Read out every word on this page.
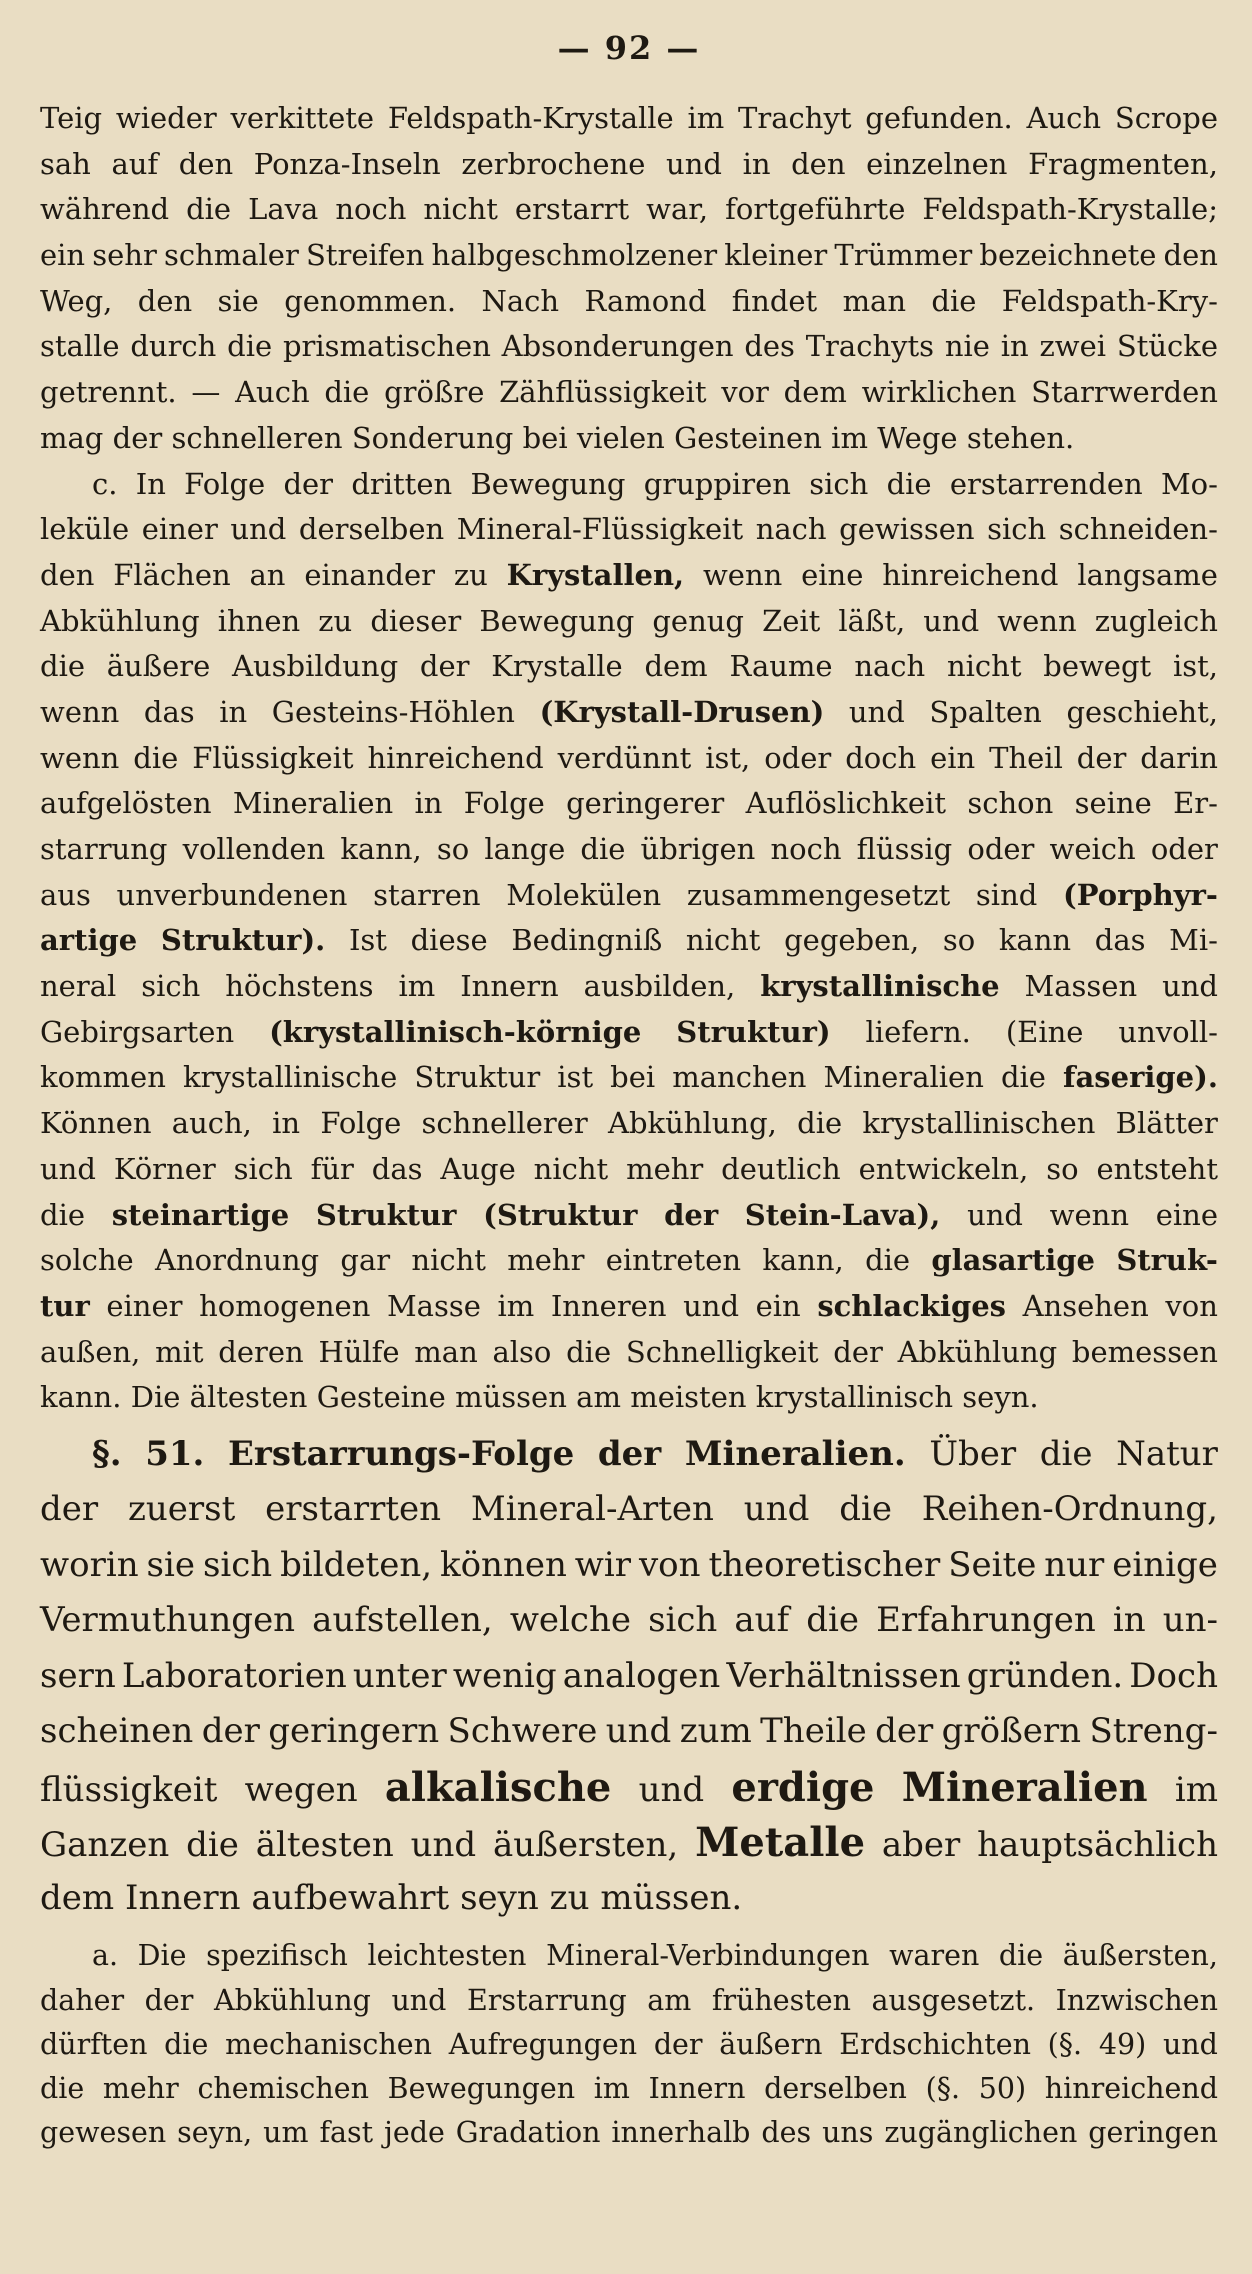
— 92 —
Teig wieder verkittete Feldspath-Krystalle im Trachyt gefunden. Auch Scrope
sah auf den Ponza-Inseln zerbrochene und in den einzelnen Fragmenten,
während die Lava noch nicht erstarrt war, fortgeführte Feldspath-Krystalle;
ein sehr schmaler Streifen halbgeschmolzener kleiner Trümmer bezeichnete den
Weg, den sie genommen. Nach Ramond findet man die Feldspath-Kry-
stalle durch die prismatischen Absonderungen des Trachyts nie in zwei Stücke
getrennt. — Auch die größre Zähflüssigkeit vor dem wirklichen Starrwerden
mag der schnelleren Sonderung bei vielen Gesteinen im Wege stehen.
c. In Folge der dritten Bewegung gruppiren sich die erstarrenden Mo-
leküle einer und derselben Mineral-Flüssigkeit nach gewissen sich schneiden-
den Flächen an einander zu Krystallen, wenn eine hinreichend langsame
Abkühlung ihnen zu dieser Bewegung genug Zeit läßt, und wenn zugleich
die äußere Ausbildung der Krystalle dem Raume nach nicht bewegt ist,
wenn das in Gesteins-Höhlen (Krystall-Drusen) und Spalten geschieht,
wenn die Flüssigkeit hinreichend verdünnt ist, oder doch ein Theil der darin
aufgelösten Mineralien in Folge geringerer Auflöslichkeit schon seine Er-
starrung vollenden kann, so lange die übrigen noch flüssig oder weich oder
aus unverbundenen starren Molekülen zusammengesetzt sind (Porphyr-
artige Struktur). Ist diese Bedingniß nicht gegeben, so kann das Mi-
neral sich höchstens im Innern ausbilden, krystallinische Massen und
Gebirgsarten (krystallinisch-körnige Struktur) liefern. (Eine unvoll-
kommen krystallinische Struktur ist bei manchen Mineralien die faserige).
Können auch, in Folge schnellerer Abkühlung, die krystallinischen Blätter
und Körner sich für das Auge nicht mehr deutlich entwickeln, so entsteht
die steinartige Struktur (Struktur der Stein-Lava), und wenn eine
solche Anordnung gar nicht mehr eintreten kann, die glasartige Struk-
tur einer homogenen Masse im Inneren und ein schlackiges Ansehen von
außen, mit deren Hülfe man also die Schnelligkeit der Abkühlung bemessen
kann. Die ältesten Gesteine müssen am meisten krystallinisch seyn.
§. 51. Erstarrungs-Folge der Mineralien. Über die Natur
der zuerst erstarrten Mineral-Arten und die Reihen-Ordnung,
worin sie sich bildeten, können wir von theoretischer Seite nur einige
Vermuthungen aufstellen, welche sich auf die Erfahrungen in un-
sern Laboratorien unter wenig analogen Verhältnissen gründen. Doch
scheinen der geringern Schwere und zum Theile der größern Streng-
flüssigkeit wegen alkalische und erdige Mineralien im
Ganzen die ältesten und äußersten, Metalle aber hauptsächlich
dem Innern aufbewahrt seyn zu müssen.
a. Die spezifisch leichtesten Mineral-Verbindungen waren die äußersten,
daher der Abkühlung und Erstarrung am frühesten ausgesetzt. Inzwischen
dürften die mechanischen Aufregungen der äußern Erdschichten (§. 49) und
die mehr chemischen Bewegungen im Innern derselben (§. 50) hinreichend
gewesen seyn, um fast jede Gradation innerhalb des uns zugänglichen geringen
